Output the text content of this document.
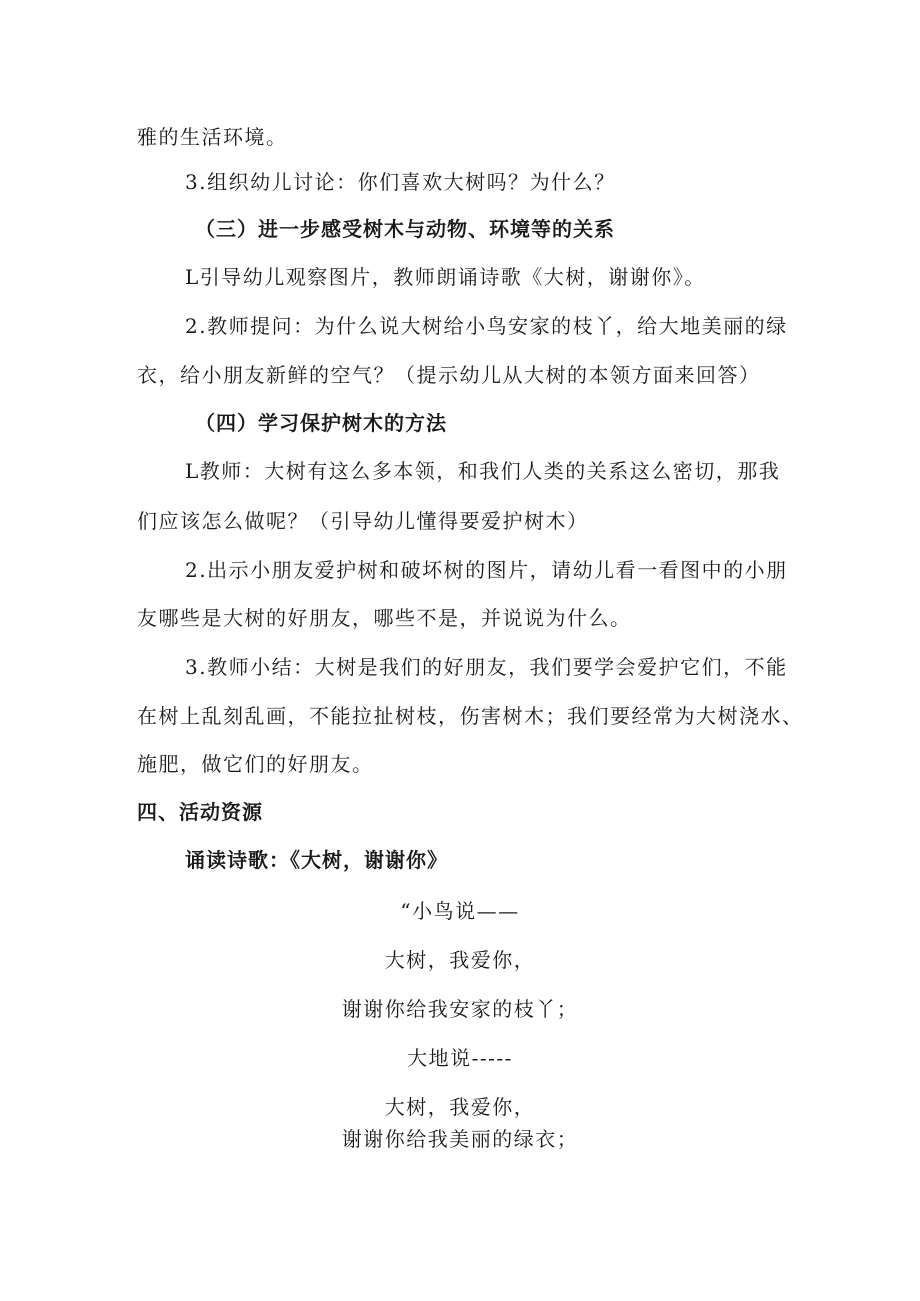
雅的生活环境。
3.组织幼儿讨论：你们喜欢大树吗？为什么？
（三）进一步感受树木与动物、环境等的关系
L引导幼儿观察图片，教师朗诵诗歌《大树，谢谢你》。
2.教师提问：为什么说大树给小鸟安家的枝丫，给大地美丽的绿
衣，给小朋友新鲜的空气？（提示幼儿从大树的本领方面来回答）
（四）学习保护树木的方法
L教师：大树有这么多本领，和我们人类的关系这么密切，那我
们应该怎么做呢？（引导幼儿懂得要爱护树木）
2.出示小朋友爱护树和破坏树的图片，请幼儿看一看图中的小朋
友哪些是大树的好朋友，哪些不是，并说说为什么。
3.教师小结：大树是我们的好朋友，我们要学会爱护它们，不能
在树上乱刻乱画，不能拉扯树枝，伤害树木；我们要经常为大树浇水、
施肥，做它们的好朋友。
四、活动资源
诵读诗歌：《大树，谢谢你》
“小鸟说——
大树，我爱你，
谢谢你给我安家的枝丫；
大地说-----
大树，我爱你，
谢谢你给我美丽的绿衣；
